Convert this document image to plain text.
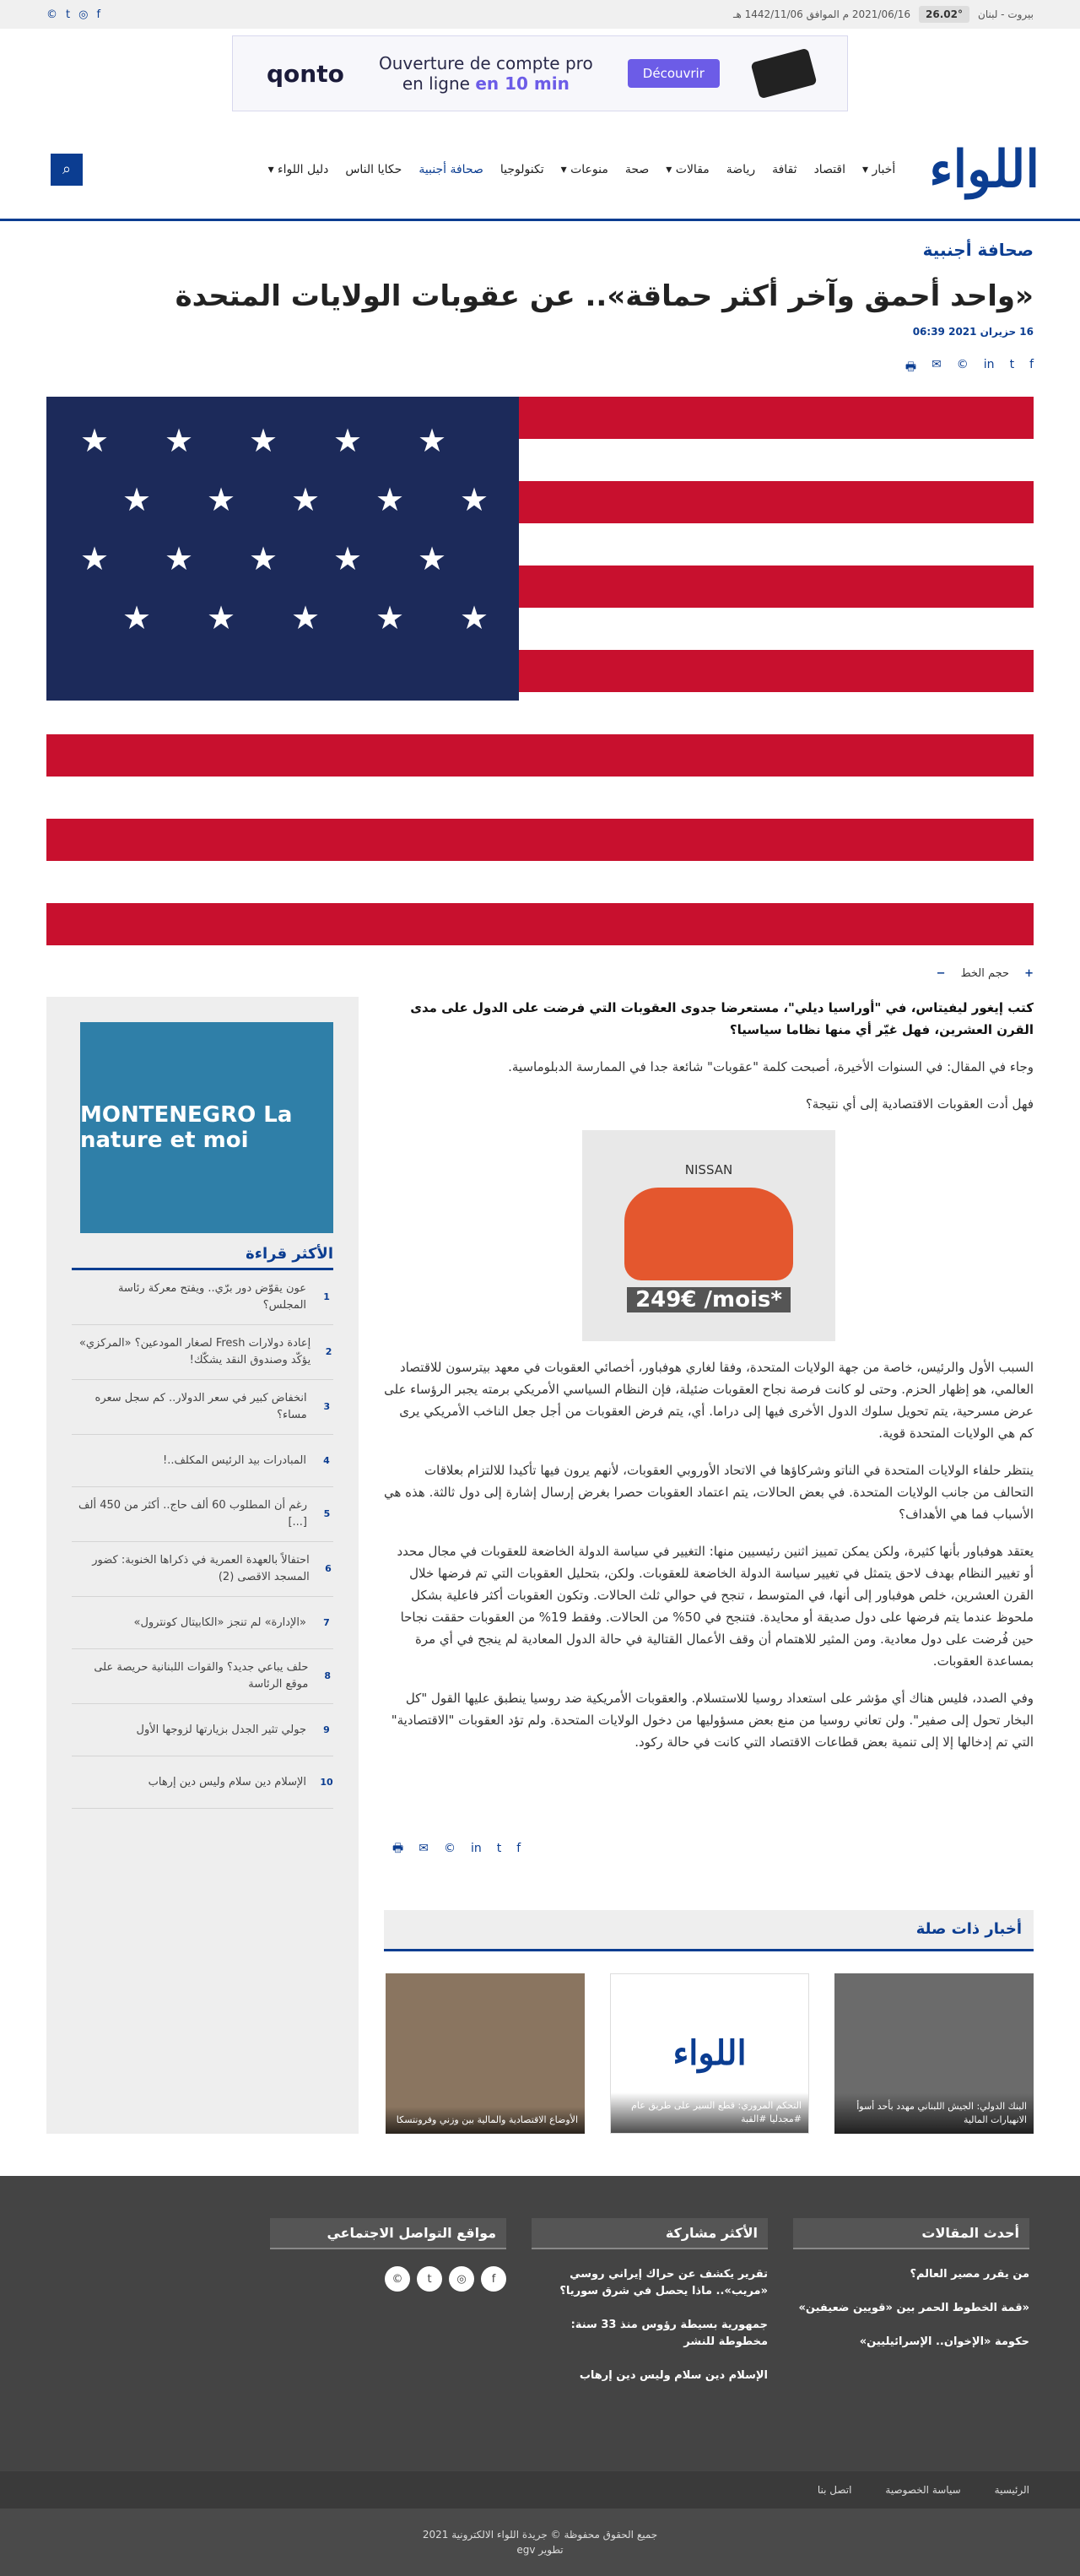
بيروت - لبنان
26.02°
2021/06/16 م الموافق 1442/11/06 هـ
© t ◎ f
qonto Ouverture de compte pro
en ligne en 10 min	Découvrir
اللواء
أخبار ▾
اقتصاد
ثقافة
رياضة
مقالات ▾
صحة
منوعات ▾
تكنولوجيا
صحافة أجنبية
حكايا الناس
دليل اللواء ▾
⌕
صحافة أجنبية
«واحد أحمق وآخر أكثر حماقة».. عن عقوبات الولايات المتحدة
16 حزيران 2021 06:39
🖶 ✉ © in t f
★ ★ ★ ★ ★
★ ★ ★ ★ ★
★ ★ ★ ★ ★
★ ★ ★ ★ ★
− حجم الخط +

كتب إيغور ليفيتاس، في "أوراسيا ديلي"، مستعرضا جدوى العقوبات التي فرضت على الدول على مدى القرن العشرين، فهل غيّر أي منها نظاما سياسيا؟

وجاء في المقال: في السنوات الأخيرة، أصبحت كلمة "عقوبات" شائعة جدا في الممارسة الدبلوماسية.

فهل أدت العقوبات الاقتصادية إلى أي نتيجة؟

NISSAN
249€ /mois*

السبب الأول والرئيس، خاصة من جهة الولايات المتحدة، وفقا لغاري هوفباور، أخصائي العقوبات في معهد بيترسون للاقتصاد العالمي، هو إظهار الحزم. وحتى لو كانت فرصة نجاح العقوبات ضئيلة، فإن النظام السياسي الأمريكي برمته يجبر الرؤساء على عرض مسرحية، يتم تحويل سلوك الدول الأخرى فيها إلى دراما. أي، يتم فرض العقوبات من أجل جعل الناخب الأمريكي يرى كم هي الولايات المتحدة قوية.

ينتظر حلفاء الولايات المتحدة في الناتو وشركاؤها في الاتحاد الأوروبي العقوبات، لأنهم يرون فيها تأكيدا للالتزام بعلاقات التحالف من جانب الولايات المتحدة. في بعض الحالات، يتم اعتماد العقوبات حصرا بغرض إرسال إشارة إلى دول ثالثة. هذه هي الأسباب فما هي الأهداف؟

يعتقد هوفباور بأنها كثيرة، ولكن يمكن تمييز اثنين رئيسيين منها: التغيير في سياسة الدولة الخاضعة للعقوبات في مجال محدد أو تغيير النظام بهدف لاحق يتمثل في تغيير سياسة الدولة الخاضعة للعقوبات. ولكن، بتحليل العقوبات التي تم فرضها خلال القرن العشرين، خلص هوفباور إلى أنها، في المتوسط ، تنجح في حوالي ثلث الحالات. وتكون العقوبات أكثر فاعلية بشكل ملحوظ عندما يتم فرضها على دول صديقة أو محايدة. فتنجح في 50% من الحالات. وفقط 19% من العقوبات حققت نجاحا حين فُرضت على دول معادية. ومن المثير للاهتمام أن وقف الأعمال القتالية في حالة الدول المعادية لم ينجح في أي مرة بمساعدة العقوبات.

وفي الصدد، فليس هناك أي مؤشر على استعداد روسيا للاستسلام. والعقوبات الأمريكية ضد روسيا ينطبق عليها القول "كل البخار تحول إلى صفير". ولن تعاني روسيا من منع بعض مسؤوليها من دخول الولايات المتحدة. ولم تؤد العقوبات "الاقتصادية" التي تم إدخالها إلا إلى تنمية بعض قطاعات الاقتصاد التي كانت في حالة ركود.

🖶 ✉ © in t f
أخبار ذات صلة
البنك الدولي: الجيش اللبناني مهدد بأحد أسوأ الانهيارات المالية
اللواء
التحكم المروري: قطع السير على طريق عام #مجدليا #القبة
الأوضاع الاقتصادية والمالية بين وزني وفرونتسكا
MONTENEGRO La nature et moi
الأكثر قراءة
1
عون يقوّض دور برّي.. ويفتح معركة رئاسة المجلس؟
2
إعادة دولارات Fresh لصغار المودعين؟ «المركزي» يؤكّد وصندوق النقد يشكّك!
3
انخفاض كبير في سعر الدولار.. كم سجل سعره مساء؟
4
المبادرات بيد الرئيس المكلف..!
5
رغم أن المطلوب 60 ألف حاج.. أكثر من 450 ألف [...]
6
احتفالاً بالعهدة العمرية في ذكراها الخنوبة: كضور المسجد الاقصى (2)
7
«الإدارة» لم تنجز «الكابيتال كونترول»
8
حلف يباعي جديد؟ والقوات اللبنانية حريصة على موقع الرئاسة
9
جولي تثير الجدل بزيارتها لزوجها الأول
10
الإسلام دين سلام وليس دين إرهاب
أحدث المقالات
من يقرر مصير العالم؟
«قمة الخطوط الحمر بين «قويين ضعيفين»
حكومة «الإخوان.. الإسرائيليين»
الأكثر مشاركة
تقرير يكشف عن حراك إيراني روسي «مريب».. ماذا يحصل في شرق سوريا؟
جمهورية بسيطة رؤوس منذ 33 سنة: مخطوطة للنشر
الإسلام دين سلام وليس دين إرهاب
مواقع التواصل الاجتماعي
f
◎
t
©
الرئيسية
سياسة الخصوصية
اتصل بنا
جميع الحقوق محفوظة © جريدة اللواء الالكترونية 2021
تطوير egv
